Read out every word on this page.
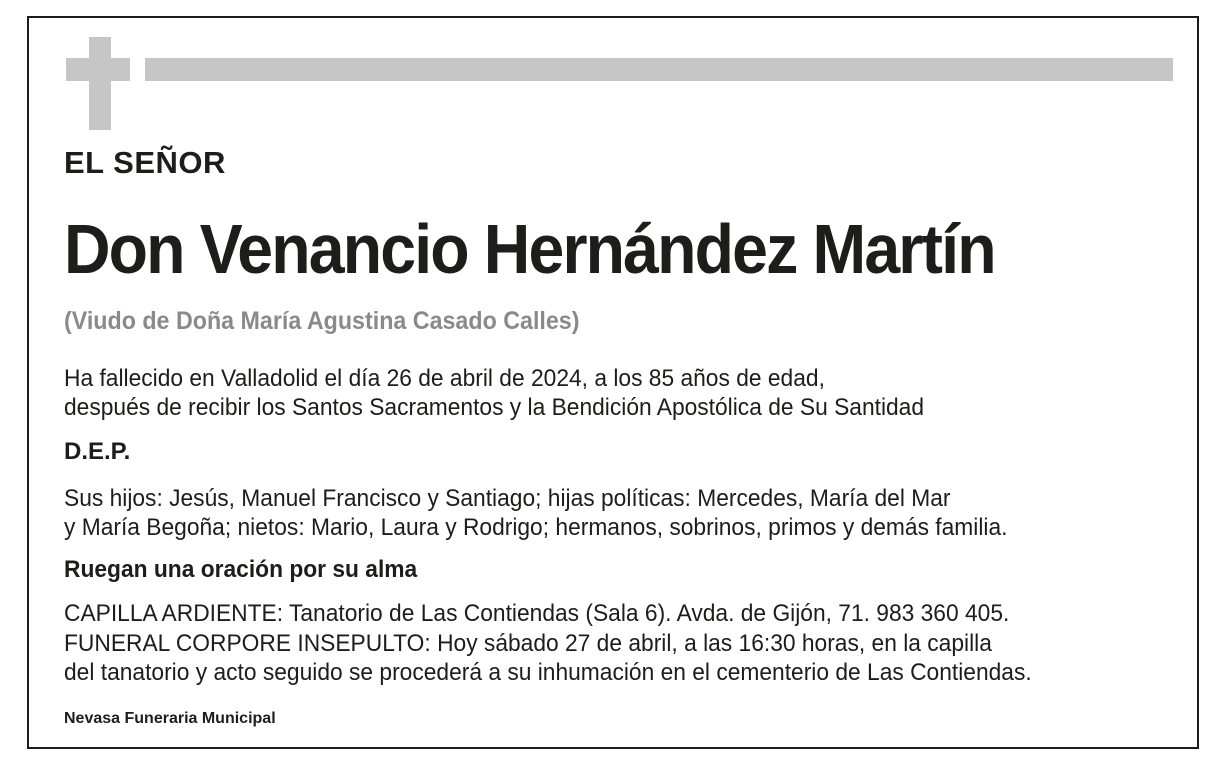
EL SEÑOR
Don Venancio Hernández Martín
(Viudo de Doña María Agustina Casado Calles)
Ha fallecido en Valladolid el día 26 de abril de 2024, a los 85 años de edad,
después de recibir los Santos Sacramentos y la Bendición Apostólica de Su Santidad
D.E.P.
Sus hijos: Jesús, Manuel Francisco y Santiago; hijas políticas: Mercedes, María del Mar
y María Begoña; nietos: Mario, Laura y Rodrigo; hermanos, sobrinos, primos y demás familia.
Ruegan una oración por su alma
CAPILLA ARDIENTE: Tanatorio de Las Contiendas (Sala 6). Avda. de Gijón, 71. 983 360 405.
FUNERAL CORPORE INSEPULTO: Hoy sábado 27 de abril, a las 16:30 horas, en la capilla
del tanatorio y acto seguido se procederá a su inhumación en el cementerio de Las Contiendas.
Nevasa Funeraria Municipal
